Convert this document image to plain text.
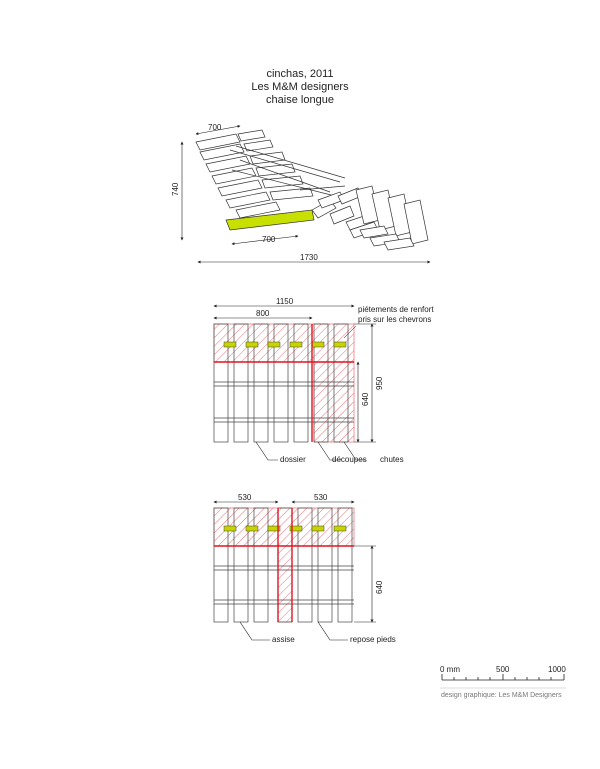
cinchas, 2011
Les M&M designers
chaise longue
700
740
700
1730
1150
800
950
640
piétements de renfort
pris sur les chevrons
dossier	découpes chutes
530	530
640
assise	repose pieds
0 mm	500	1000
design graphique: Les M&M Designers
